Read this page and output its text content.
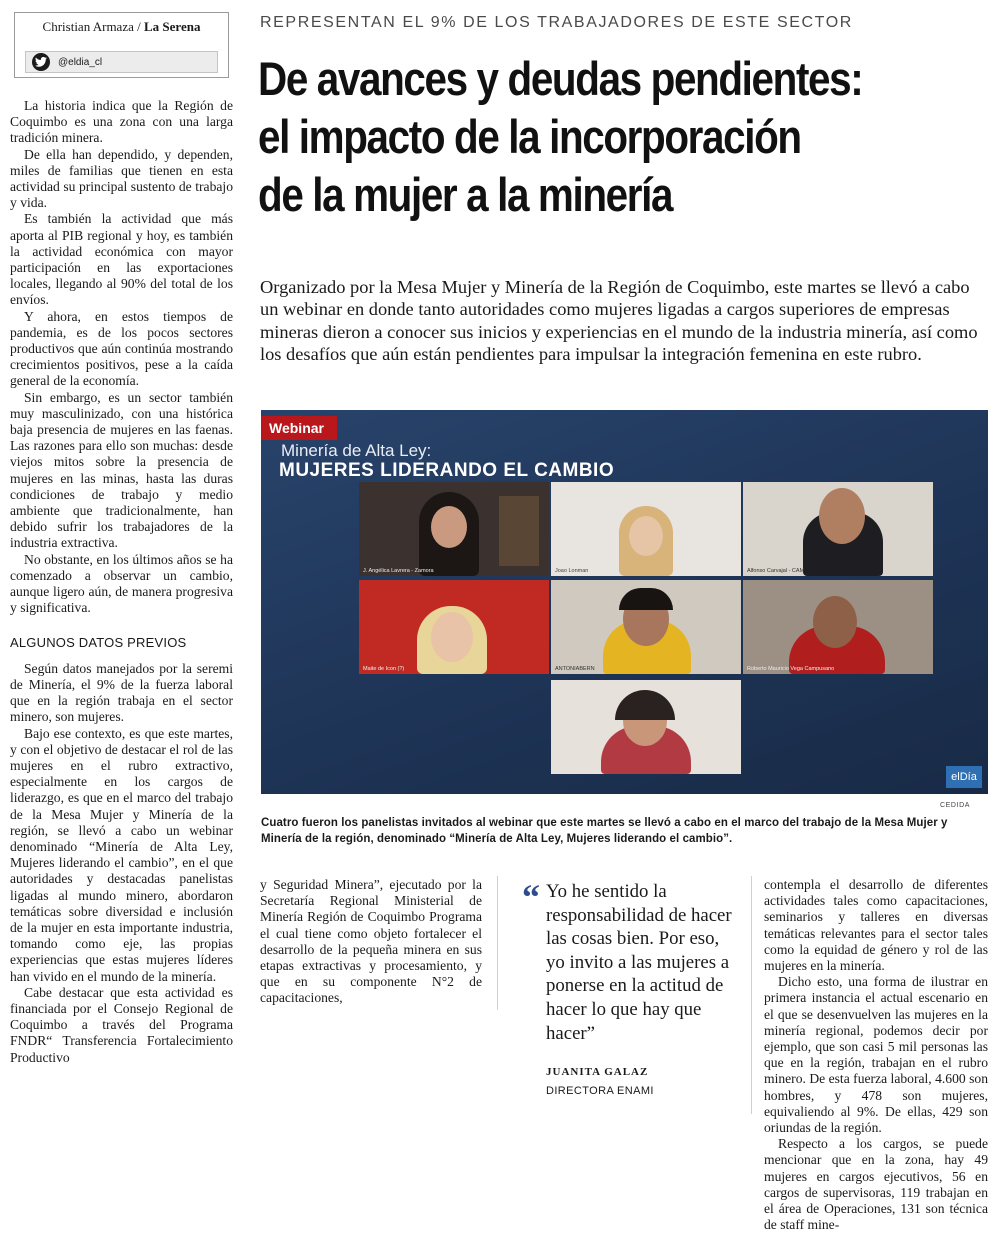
Christian Armaza / La Serena
@eldia_cl

La historia indica que la Región de Coquimbo es una zona con una larga tradición minera.

De ella han dependido, y dependen, miles de familias que tienen en esta actividad su principal sustento de trabajo y vida.

Es también la actividad que más aporta al PIB regional y hoy, es también la actividad económica con mayor participación en las exportaciones locales, llegando al 90% del total de los envíos.

Y ahora, en estos tiempos de pandemia, es de los pocos sectores productivos que aún continúa mostrando crecimientos positivos, pese a la caída general de la economía.

Sin embargo, es un sector también muy masculinizado, con una histórica baja presencia de mujeres en las faenas. Las razones para ello son muchas: desde viejos mitos sobre la presencia de mujeres en las minas, hasta las duras condiciones de trabajo y medio ambiente que tradicionalmente, han debido sufrir los trabajadores de la industria extractiva.

No obstante, en los últimos años se ha comenzado a observar un cambio, aunque ligero aún, de manera progresiva y significativa.

ALGUNOS DATOS PREVIOS

Según datos manejados por la seremi de Minería, el 9% de la fuerza laboral que en la región trabaja en el sector minero, son mujeres.

Bajo ese contexto, es que este martes, y con el objetivo de destacar el rol de las mujeres en el rubro extractivo, especialmente en los cargos de liderazgo, es que en el marco del trabajo de la Mesa Mujer y Minería de la región, se llevó a cabo un webinar denominado “Minería de Alta Ley, Mujeres liderando el cambio”, en el que autoridades y destacadas panelistas ligadas al mundo minero, abordaron temáticas sobre diversidad e inclusión de la mujer en esta importante industria, tomando como eje, las propias experiencias que estas mujeres líderes han vivido en el mundo de la minería.

Cabe destacar que esta actividad es financiada por el Consejo Regional de Coquimbo a través del Programa FNDR“ Transferencia Fortalecimiento Productivo

REPRESENTAN EL 9% DE LOS TRABAJADORES DE ESTE SECTOR
De avances y deudas pendientes:
el impacto de la incorporación
de la mujer a la minería
Organizado por la Mesa Mujer y Minería de la Región de Coquimbo, este martes se llevó a cabo un webinar en donde tanto autoridades como mujeres ligadas a cargos superiores de empresas mineras dieron a conocer sus inicios y experiencias en el mundo de la industria minería, así como los desafíos que aún están pendientes para impulsar la integración femenina en este rubro.
Webinar
Minería de Alta Ley:
MUJERES LIDERANDO EL CAMBIO
J. Angélica Lavrera - Zamora	Joao Lonman	Alfonso Carvajal - CAM
Maite de Icon (?)	ANTONIABERN	Roberto Mauricio Vega Campusano
elDía
CEDIDA
Cuatro fueron los panelistas invitados al webinar que este martes se llevó a cabo en el marco del trabajo de la Mesa Mujer y Minería de la región, denominado “Minería de Alta Ley, Mujeres liderando el cambio”.

y Seguridad Minera”, ejecutado por la Secretaría Regional Ministerial de Minería Región de Coquimbo Programa el cual tiene como objeto fortalecer el desarrollo de la pequeña minera en sus etapas extractivas y procesamiento, y que en su componente N°2 de capacitaciones,

“ Yo he sentido la responsabilidad de hacer las cosas bien. Por eso, yo invito a las mujeres a ponerse en la actitud de hacer lo que hay que hacer”
JUANITA GALAZ
DIRECTORA ENAMI

contempla el desarrollo de diferentes actividades tales como capacitaciones, seminarios y talleres en diversas temáticas relevantes para el sector tales como la equidad de género y rol de las mujeres en la minería.

Dicho esto, una forma de ilustrar en primera instancia el actual escenario en el que se desenvuelven las mujeres en la minería regional, podemos decir por ejemplo, que son casi 5 mil personas las que en la región, trabajan en el rubro minero. De esta fuerza laboral, 4.600 son hombres, y 478 son mujeres, equivaliendo al 9%. De ellas, 429 son oriundas de la región.

Respecto a los cargos, se puede mencionar que en la zona, hay 49 mujeres en cargos ejecutivos, 56 en cargos de supervisoras, 119 trabajan en el área de Operaciones, 131 son técnica de staff mine-
